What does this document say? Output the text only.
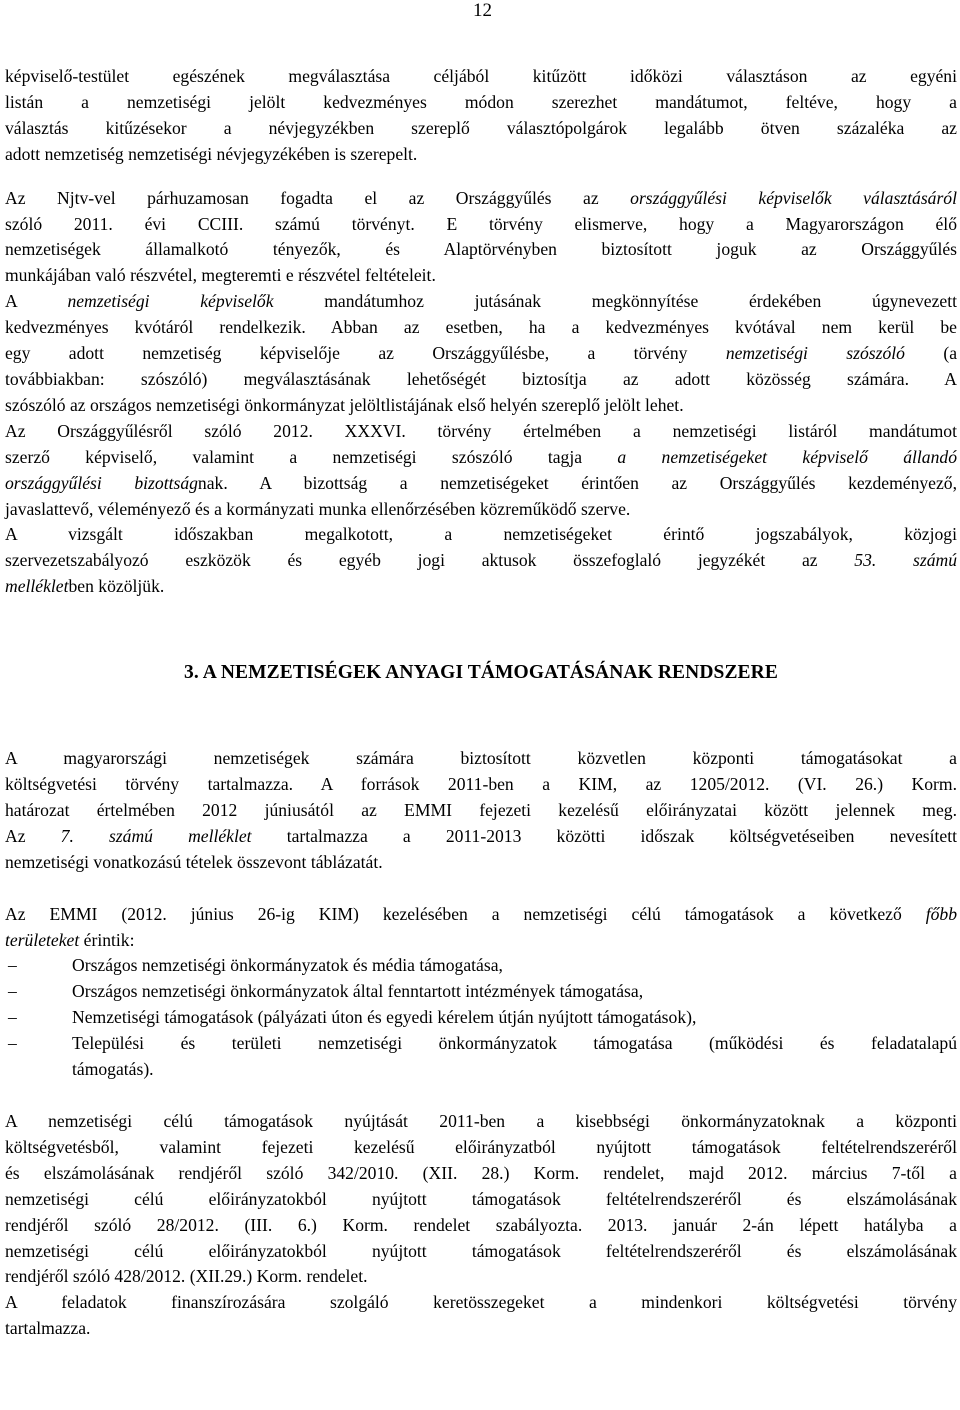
12

képviselő-testület egészének megválasztása céljából kitűzött időközi választáson az egyéni

listán a nemzetiségi jelölt kedvezményes módon szerezhet mandátumot, feltéve, hogy a

választás kitűzésekor a névjegyzékben szereplő választópolgárok legalább ötven százaléka az

adott nemzetiség nemzetiségi névjegyzékében is szerepelt.

Az Njtv-vel párhuzamosan fogadta el az Országgyűlés az országgyűlési képviselők választásáról

szóló 2011. évi CCIII. számú törvényt. E törvény elismerve, hogy a Magyarországon élő

nemzetiségek államalkotó tényezők, és Alaptörvényben biztosított joguk az Országgyűlés

munkájában való részvétel, megteremti e részvétel feltételeit.

A nemzetiségi képviselők mandátumhoz jutásának megkönnyítése érdekében úgynevezett

kedvezményes kvótáról rendelkezik. Abban az esetben, ha a kedvezményes kvótával nem kerül be

egy adott nemzetiség képviselője az Országgyűlésbe, a törvény nemzetiségi szószóló (a

továbbiakban: szószóló) megválasztásának lehetőségét biztosítja az adott közösség számára. A

szószóló az országos nemzetiségi önkormányzat jelöltlistájának első helyén szereplő jelölt lehet.

Az Országgyűlésről szóló 2012. XXXVI. törvény értelmében a nemzetiségi listáról mandátumot

szerző képviselő, valamint a nemzetiségi szószóló tagja a nemzetiségeket képviselő állandó

országgyűlési bizottságnak. A bizottság a nemzetiségeket érintően az Országgyűlés kezdeményező,

javaslattevő, véleményező és a kormányzati munka ellenőrzésében közreműködő szerve.

A vizsgált időszakban megalkotott, a nemzetiségeket érintő jogszabályok, közjogi

szervezetszabályozó eszközök és egyéb jogi aktusok összefoglaló jegyzékét az 53. számú

mellékletben közöljük.

3. A NEMZETISÉGEK ANYAGI TÁMOGATÁSÁNAK RENDSZERE

A magyarországi nemzetiségek számára biztosított közvetlen központi támogatásokat a

költségvetési törvény tartalmazza. A források 2011-ben a KIM, az 1205/2012. (VI. 26.) Korm.

határozat értelmében 2012 júniusától az EMMI fejezeti kezelésű előirányzatai között jelennek meg.

Az 7. számú melléklet tartalmazza a 2011-2013 közötti időszak költségvetéseiben nevesített

nemzetiségi vonatkozású tételek összevont táblázatát.

Az EMMI (2012. június 26-ig KIM) kezelésében a nemzetiségi célú támogatások a következő főbb

területeket érintik:

–	Országos nemzetiségi önkormányzatok és média támogatása,
–	Országos nemzetiségi önkormányzatok által fenntartott intézmények támogatása,
–	Nemzetiségi támogatások (pályázati úton és egyedi kérelem útján nyújtott támogatások),
–	Települési és területi nemzetiségi önkormányzatok támogatása (működési és feladatalapú
támogatás).

A nemzetiségi célú támogatások nyújtását 2011-ben a kisebbségi önkormányzatoknak a központi

költségvetésből, valamint fejezeti kezelésű előirányzatból nyújtott támogatások feltételrendszeréről

és elszámolásának rendjéről szóló 342/2010. (XII. 28.) Korm. rendelet, majd 2012. március 7-től a

nemzetiségi célú előirányzatokból nyújtott támogatások feltételrendszeréről és elszámolásának

rendjéről szóló 28/2012. (III. 6.) Korm. rendelet szabályozta. 2013. január 2-án lépett hatályba a

nemzetiségi célú előirányzatokból nyújtott támogatások feltételrendszeréről és elszámolásának

rendjéről szóló 428/2012. (XII.29.) Korm. rendelet.

A feladatok finanszírozására szolgáló keretösszegeket a mindenkori költségvetési törvény

tartalmazza.
